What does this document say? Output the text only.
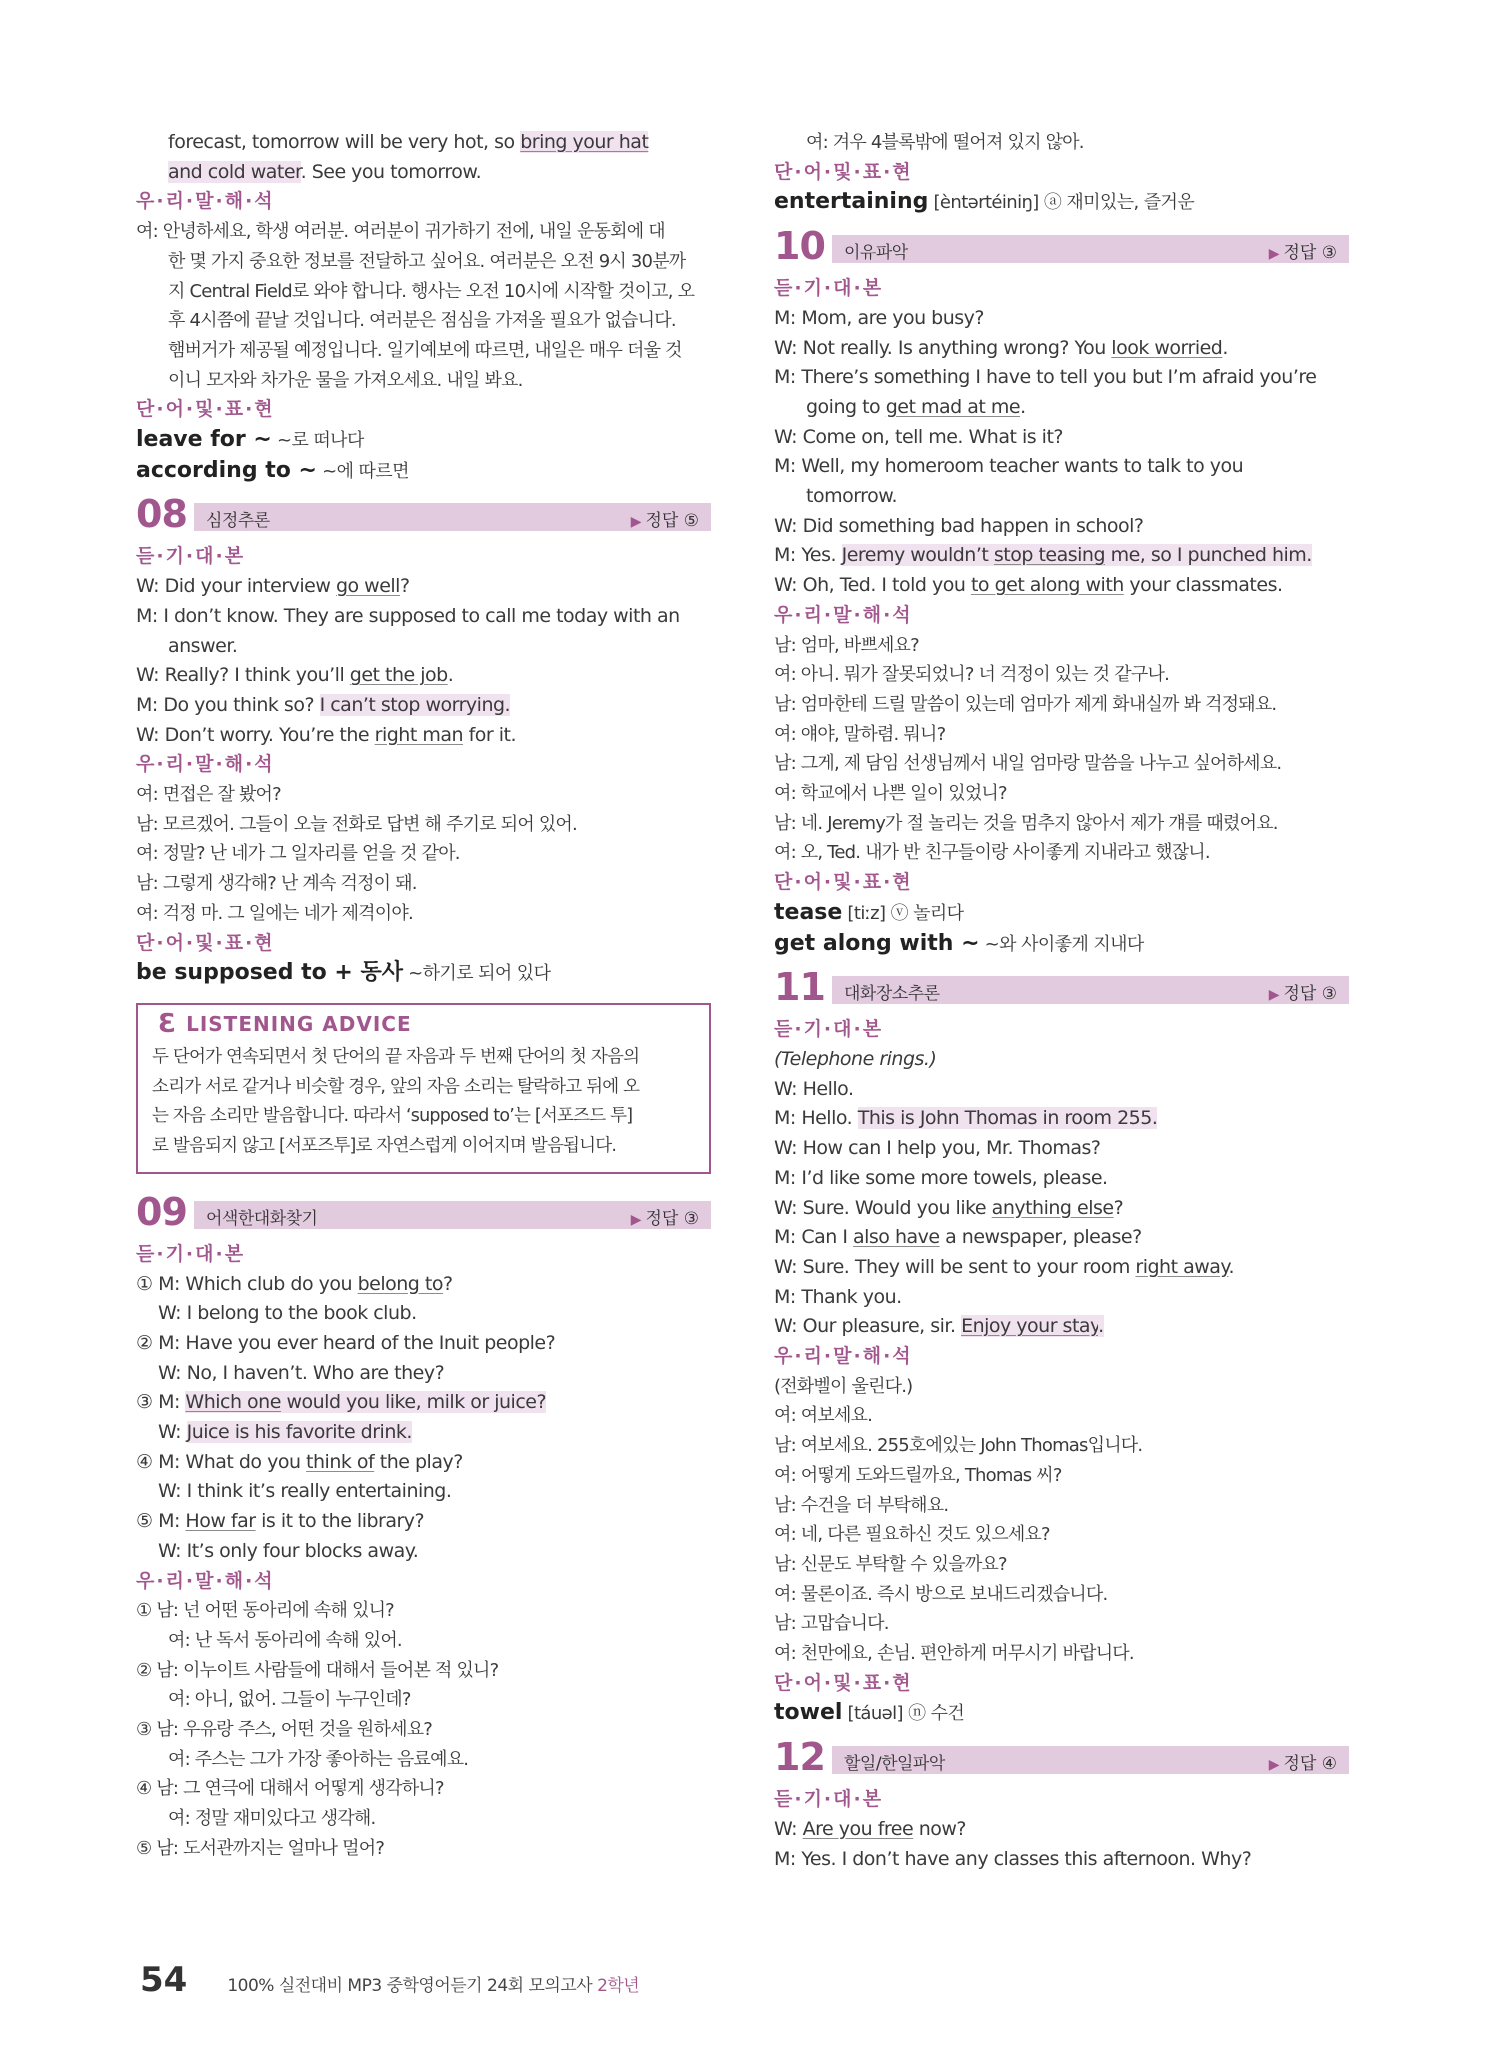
forecast, tomorrow will be very hot, so bring your hat
and cold water. See you tomorrow.
우·리·말·해·석
여: 안녕하세요, 학생 여러분. 여러분이 귀가하기 전에, 내일 운동회에 대
한 몇 가지 중요한 정보를 전달하고 싶어요. 여러분은 오전 9시 30분까
지 Central Field로 와야 합니다. 행사는 오전 10시에 시작할 것이고, 오
후 4시쯤에 끝날 것입니다. 여러분은 점심을 가져올 필요가 없습니다.
햄버거가 제공될 예정입니다. 일기예보에 따르면, 내일은 매우 더울 것
이니 모자와 차가운 물을 가져오세요. 내일 봐요.
단·어·및·표·현
leave for ~ ~로 떠나다
according to ~ ~에 따르면
08 심정추론	▶ 정답 ⑤
듣·기·대·본
W: Did your interview go well?
M: I don’t know. They are supposed to call me today with an
answer.
W: Really? I think you’ll get the job.
M: Do you think so? I can’t stop worrying.
W: Don’t worry. You’re the right man for it.
우·리·말·해·석
여: 면접은 잘 봤어?
남: 모르겠어. 그들이 오늘 전화로 답변 해 주기로 되어 있어.
여: 정말? 난 네가 그 일자리를 얻을 것 같아.
남: 그렇게 생각해? 난 계속 걱정이 돼.
여: 걱정 마. 그 일에는 네가 제격이야.
단·어·및·표·현
be supposed to + 동사 ~하기로 되어 있다
Ɛ LISTENING ADVICE
두 단어가 연속되면서 첫 단어의 끝 자음과 두 번째 단어의 첫 자음의
소리가 서로 같거나 비슷할 경우, 앞의 자음 소리는 탈락하고 뒤에 오
는 자음 소리만 발음합니다. 따라서 ‘supposed to’는 [서포즈드 투]
로 발음되지 않고 [서포즈투]로 자연스럽게 이어지며 발음됩니다.
09 어색한대화찾기	▶ 정답 ③
듣·기·대·본
① M: Which club do you belong to?
W: I belong to the book club.
② M: Have you ever heard of the Inuit people?
W: No, I haven’t. Who are they?
③ M: Which one would you like, milk or juice?
W: Juice is his favorite drink.
④ M: What do you think of the play?
W: I think it’s really entertaining.
⑤ M: How far is it to the library?
W: It’s only four blocks away.
우·리·말·해·석
① 남: 넌 어떤 동아리에 속해 있니?
여: 난 독서 동아리에 속해 있어.
② 남: 이누이트 사람들에 대해서 들어본 적 있니?
여: 아니, 없어. 그들이 누구인데?
③ 남: 우유랑 주스, 어떤 것을 원하세요?
여: 주스는 그가 가장 좋아하는 음료예요.
④ 남: 그 연극에 대해서 어떻게 생각하니?
여: 정말 재미있다고 생각해.
⑤ 남: 도서관까지는 얼마나 멀어?
여: 겨우 4블록밖에 떨어져 있지 않아.
단·어·및·표·현
entertaining [èntərtéiniŋ] ⓐ 재미있는, 즐거운
10 이유파악	▶ 정답 ③
듣·기·대·본
M: Mom, are you busy?
W: Not really. Is anything wrong? You look worried.
M: There’s something I have to tell you but I’m afraid you’re
going to get mad at me.
W: Come on, tell me. What is it?
M: Well, my homeroom teacher wants to talk to you
tomorrow.
W: Did something bad happen in school?
M: Yes. Jeremy wouldn’t stop teasing me, so I punched him.
W: Oh, Ted. I told you to get along with your classmates.
우·리·말·해·석
남: 엄마, 바쁘세요?
여: 아니. 뭐가 잘못되었니? 너 걱정이 있는 것 같구나.
남: 엄마한테 드릴 말씀이 있는데 엄마가 제게 화내실까 봐 걱정돼요.
여: 얘야, 말하렴. 뭐니?
남: 그게, 제 담임 선생님께서 내일 엄마랑 말씀을 나누고 싶어하세요.
여: 학교에서 나쁜 일이 있었니?
남: 네. Jeremy가 절 놀리는 것을 멈추지 않아서 제가 걔를 때렸어요.
여: 오, Ted. 내가 반 친구들이랑 사이좋게 지내라고 했잖니.
단·어·및·표·현
tease [tiːz] ⓥ 놀리다
get along with ~ ~와 사이좋게 지내다
11 대화장소추론	▶ 정답 ③
듣·기·대·본
(Telephone rings.)
W: Hello.
M: Hello. This is John Thomas in room 255.
W: How can I help you, Mr. Thomas?
M: I’d like some more towels, please.
W: Sure. Would you like anything else?
M: Can I also have a newspaper, please?
W: Sure. They will be sent to your room right away.
M: Thank you.
W: Our pleasure, sir. Enjoy your stay.
우·리·말·해·석
(전화벨이 울린다.)
여: 여보세요.
남: 여보세요. 255호에있는 John Thomas입니다.
여: 어떻게 도와드릴까요, Thomas 씨?
남: 수건을 더 부탁해요.
여: 네, 다른 필요하신 것도 있으세요?
남: 신문도 부탁할 수 있을까요?
여: 물론이죠. 즉시 방으로 보내드리겠습니다.
남: 고맙습니다.
여: 천만에요, 손님. 편안하게 머무시기 바랍니다.
단·어·및·표·현
towel [táuəl] ⓝ 수건
12 할일/한일파악	▶ 정답 ④
듣·기·대·본
W: Are you free now?
M: Yes. I don’t have any classes this afternoon. Why?
54 100% 실전대비 MP3 중학영어듣기 24회 모의고사 2학년
